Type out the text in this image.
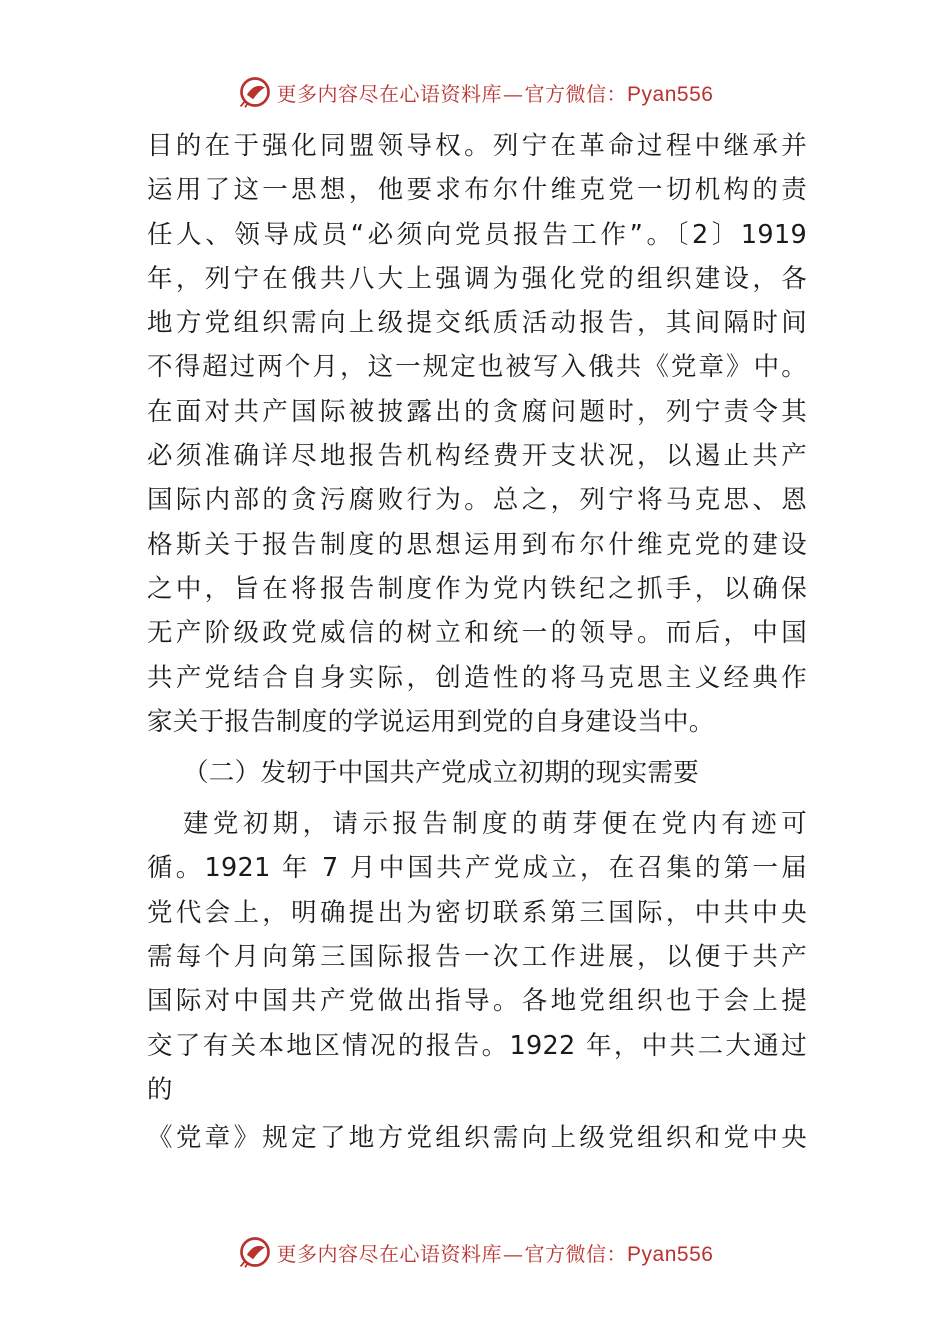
更多内容尽在心语资料库—官方微信：Pyan556
目的在于强化同盟领导权。列宁在革命过程中继承并
运用了这一思想，他要求布尔什维克党一切机构的责
任人、领导成员“必须向党员报告工作”。〔2〕1919
年，列宁在俄共八大上强调为强化党的组织建设，各
地方党组织需向上级提交纸质活动报告，其间隔时间
不得超过两个月，这一规定也被写入俄共《党章》中。
在面对共产国际被披露出的贪腐问题时，列宁责令其
必须准确详尽地报告机构经费开支状况，以遏止共产
国际内部的贪污腐败行为。总之，列宁将马克思、恩
格斯关于报告制度的思想运用到布尔什维克党的建设
之中，旨在将报告制度作为党内铁纪之抓手，以确保
无产阶级政党威信的树立和统一的领导。而后，中国
共产党结合自身实际，创造性的将马克思主义经典作
家关于报告制度的学说运用到党的自身建设当中。
（二）发轫于中国共产党成立初期的现实需要
建党初期，请示报告制度的萌芽便在党内有迹可
循。1921 年 7 月中国共产党成立，在召集的第一届
党代会上，明确提出为密切联系第三国际，中共中央
需每个月向第三国际报告一次工作进展，以便于共产
国际对中国共产党做出指导。各地党组织也于会上提
交了有关本地区情况的报告。1922 年，中共二大通过
的
《党章》规定了地方党组织需向上级党组织和党中央
更多内容尽在心语资料库—官方微信：Pyan556
